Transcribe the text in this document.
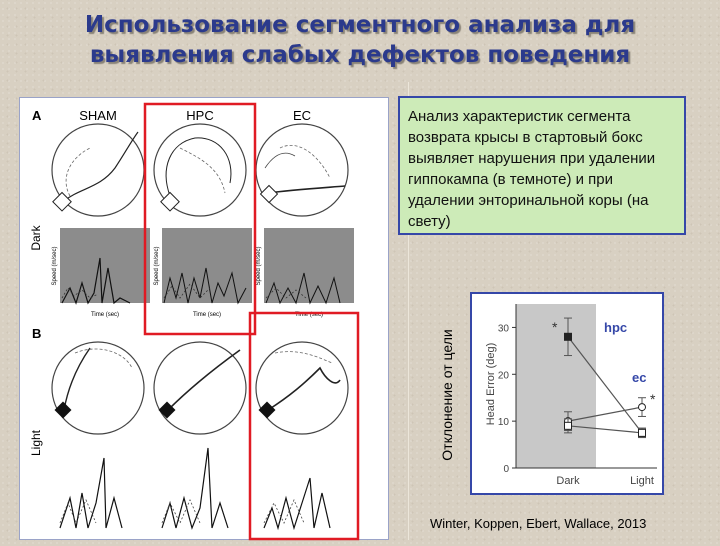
Использование сегментного анализа для выявления слабых дефектов поведения
A
B
SHAM	HPC	EC
Dark
Light
Time (sec)	Time (sec)	Time (sec)
Speed (m/sec)	Speed (m/sec)	Speed (m/sec)
Анализ характеристик сегмента возврата крысы в стартовый бокс выявляет нарушения при удалении гиппокампа (в темноте) и при удалении энторинальной коры (на свету)
Отклонение от цели
0
10
20
30
Head Error (deg)
Dark	Light
hpc
ec
*
*
Winter, Koppen, Ebert, Wallace, 2013
